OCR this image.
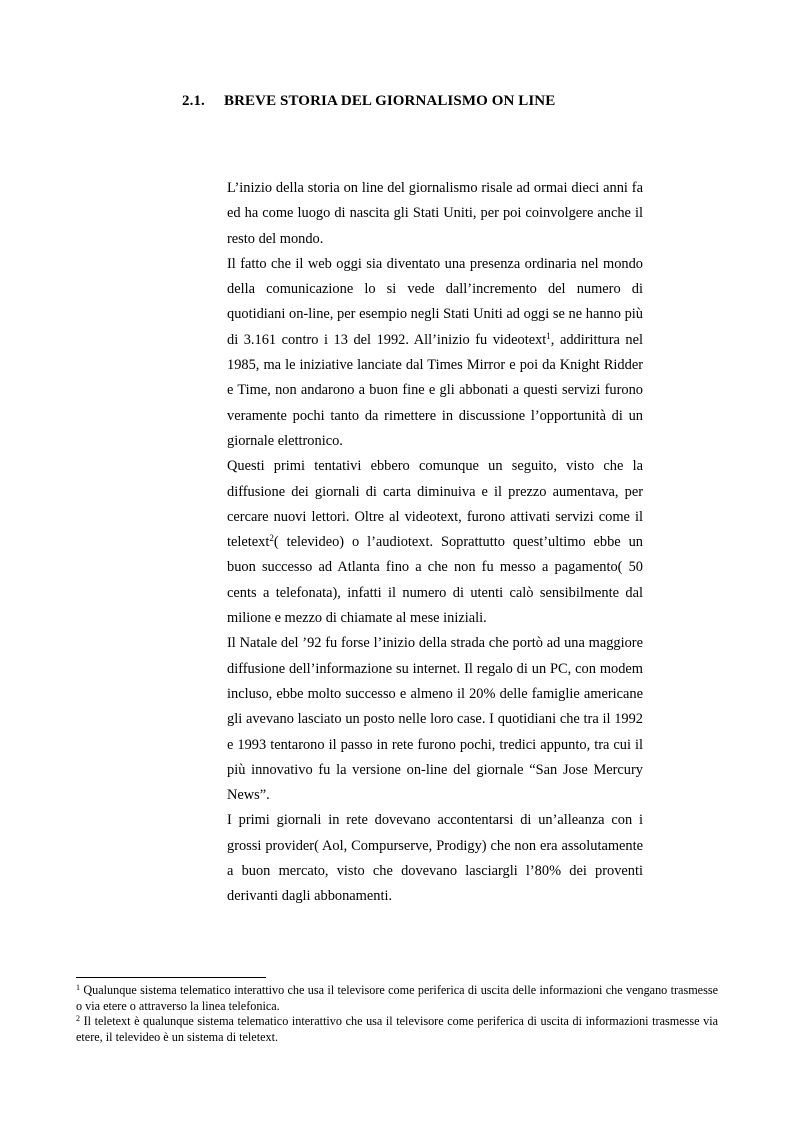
2.1. BREVE STORIA DEL GIORNALISMO ON LINE

L’inizio della storia on line del giornalismo risale ad ormai dieci anni fa ed ha come luogo di nascita gli Stati Uniti, per poi coinvolgere anche il resto del mondo.

Il fatto che il web oggi sia diventato una presenza ordinaria nel mondo della comunicazione lo si vede dall’incremento del numero di quotidiani on-line, per esempio negli Stati Uniti ad oggi se ne hanno più di 3.161 contro i 13 del 1992. All’inizio fu videotext$^1$, addirittura nel 1985, ma le iniziative lanciate dal Times Mirror e poi da Knight Ridder e Time, non andarono a buon fine e gli abbonati a questi servizi furono veramente pochi tanto da rimettere in discussione l’opportunità di un giornale elettronico.

Questi primi tentativi ebbero comunque un seguito, visto che la diffusione dei giornali di carta diminuiva e il prezzo aumentava, per cercare nuovi lettori. Oltre al videotext, furono attivati servizi come il teletext$^2$( televideo) o l’audiotext. Soprattutto quest’ultimo ebbe un buon successo ad Atlanta fino a che non fu messo a pagamento( 50 cents a telefonata), infatti il numero di utenti calò sensibilmente dal milione e mezzo di chiamate al mese iniziali.

Il Natale del ’92 fu forse l’inizio della strada che portò ad una maggiore diffusione dell’informazione su internet. Il regalo di un PC, con modem incluso, ebbe molto successo e almeno il 20% delle famiglie americane gli avevano lasciato un posto nelle loro case. I quotidiani che tra il 1992 e 1993 tentarono il passo in rete furono pochi, tredici appunto, tra cui il più innovativo fu la versione on-line del giornale “San Jose Mercury News”.

I primi giornali in rete dovevano accontentarsi di un’alleanza con i grossi provider( Aol, Compurserve, Prodigy) che non era assolutamente a buon mercato, visto che dovevano lasciargli l’80% dei proventi derivanti dagli abbonamenti.

$^1$ Qualunque sistema telematico interattivo che usa il televisore come periferica di uscita delle informazioni che vengano trasmesse o via etere o attraverso la linea telefonica.

$^2$ Il teletext è qualunque sistema telematico interattivo che usa il televisore come periferica di uscita di informazioni trasmesse via etere, il televideo è un sistema di teletext.
